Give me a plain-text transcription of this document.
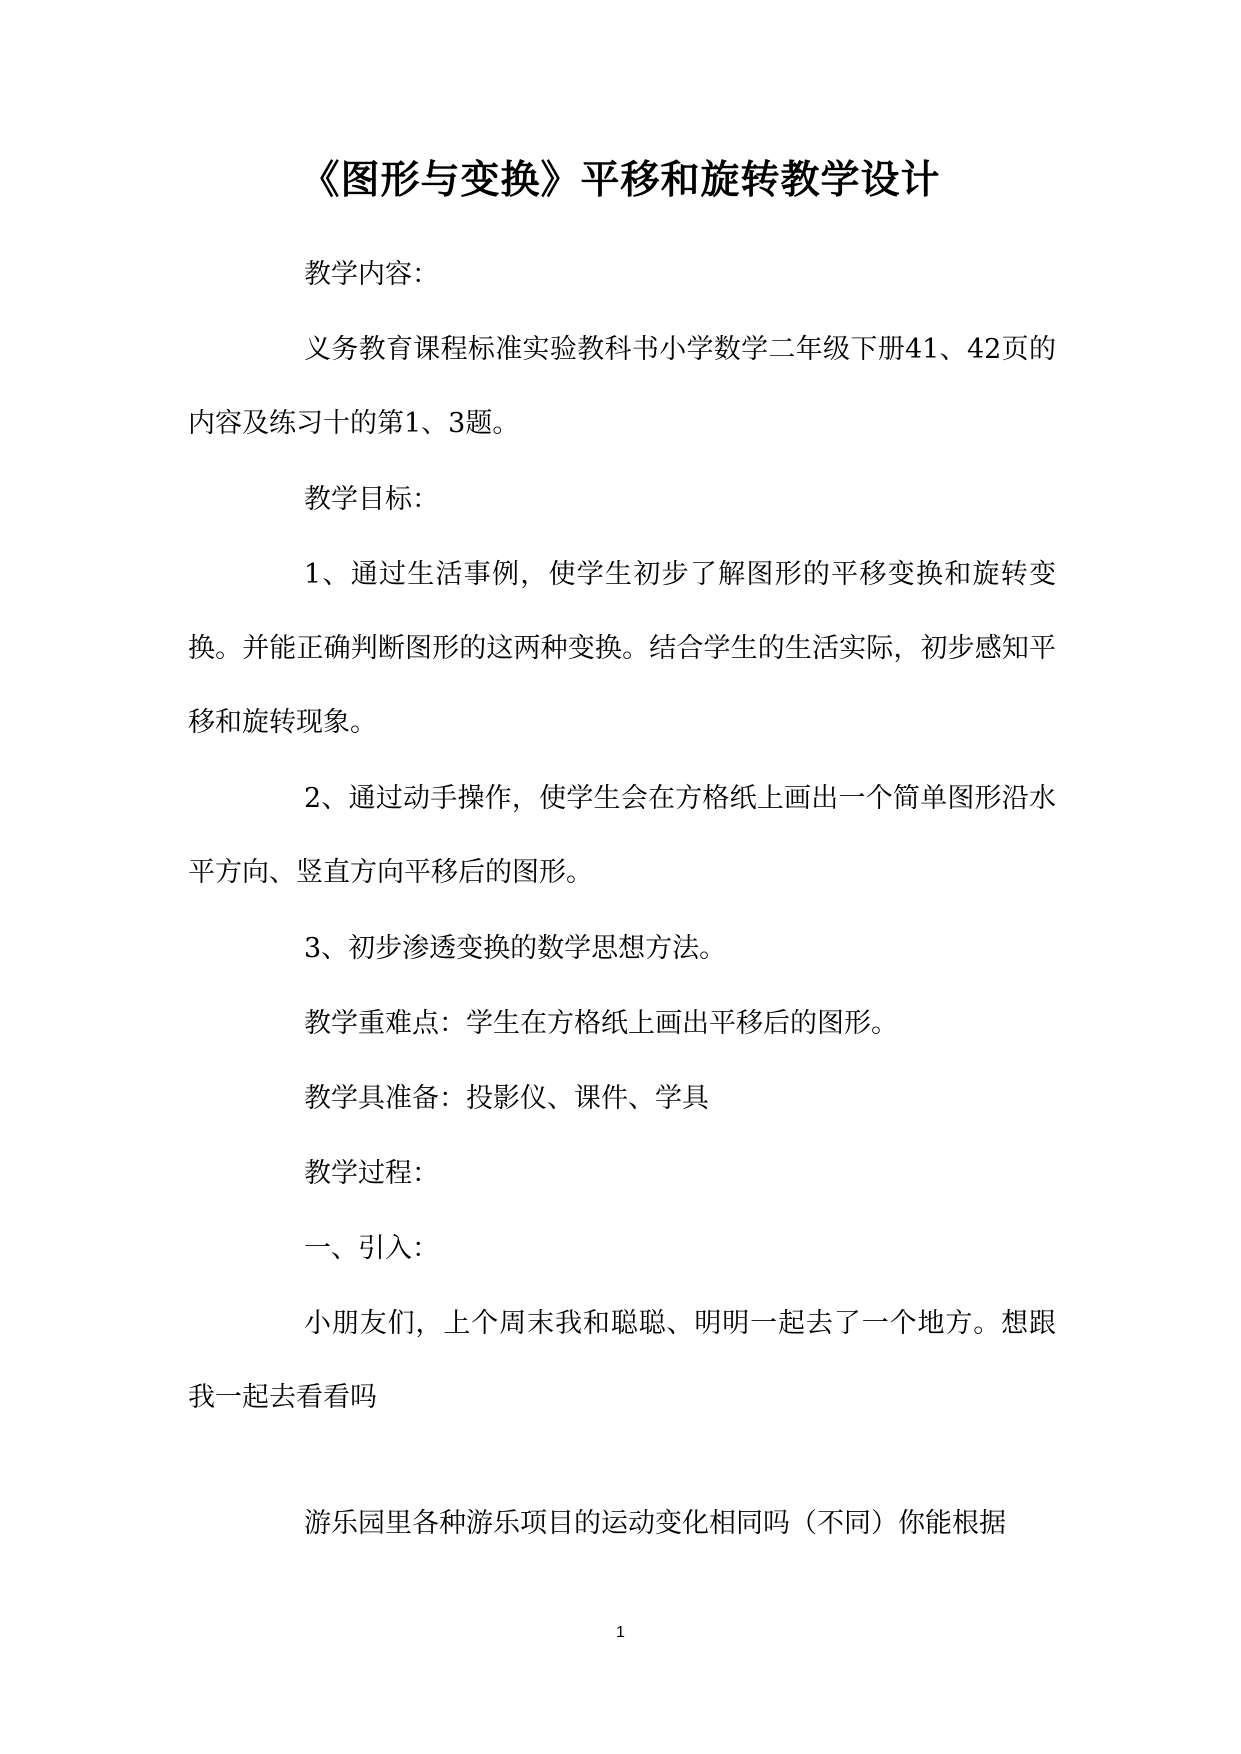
《图形与变换》平移和旋转教学设计

教学内容：

义务教育课程标准实验教科书小学数学二年级下册41、42页的内容及练习十的第1、3题。

教学目标：

1、通过生活事例，使学生初步了解图形的平移变换和旋转变换。并能正确判断图形的这两种变换。结合学生的生活实际，初步感知平移和旋转现象。

2、通过动手操作，使学生会在方格纸上画出一个简单图形沿水平方向、竖直方向平移后的图形。

3、初步渗透变换的数学思想方法。

教学重难点：学生在方格纸上画出平移后的图形。

教学具准备：投影仪、课件、学具

教学过程：

一、引入：

小朋友们，上个周末我和聪聪、明明一起去了一个地方。想跟我一起去看看吗

游乐园里各种游乐项目的运动变化相同吗（不同）你能根据

1
